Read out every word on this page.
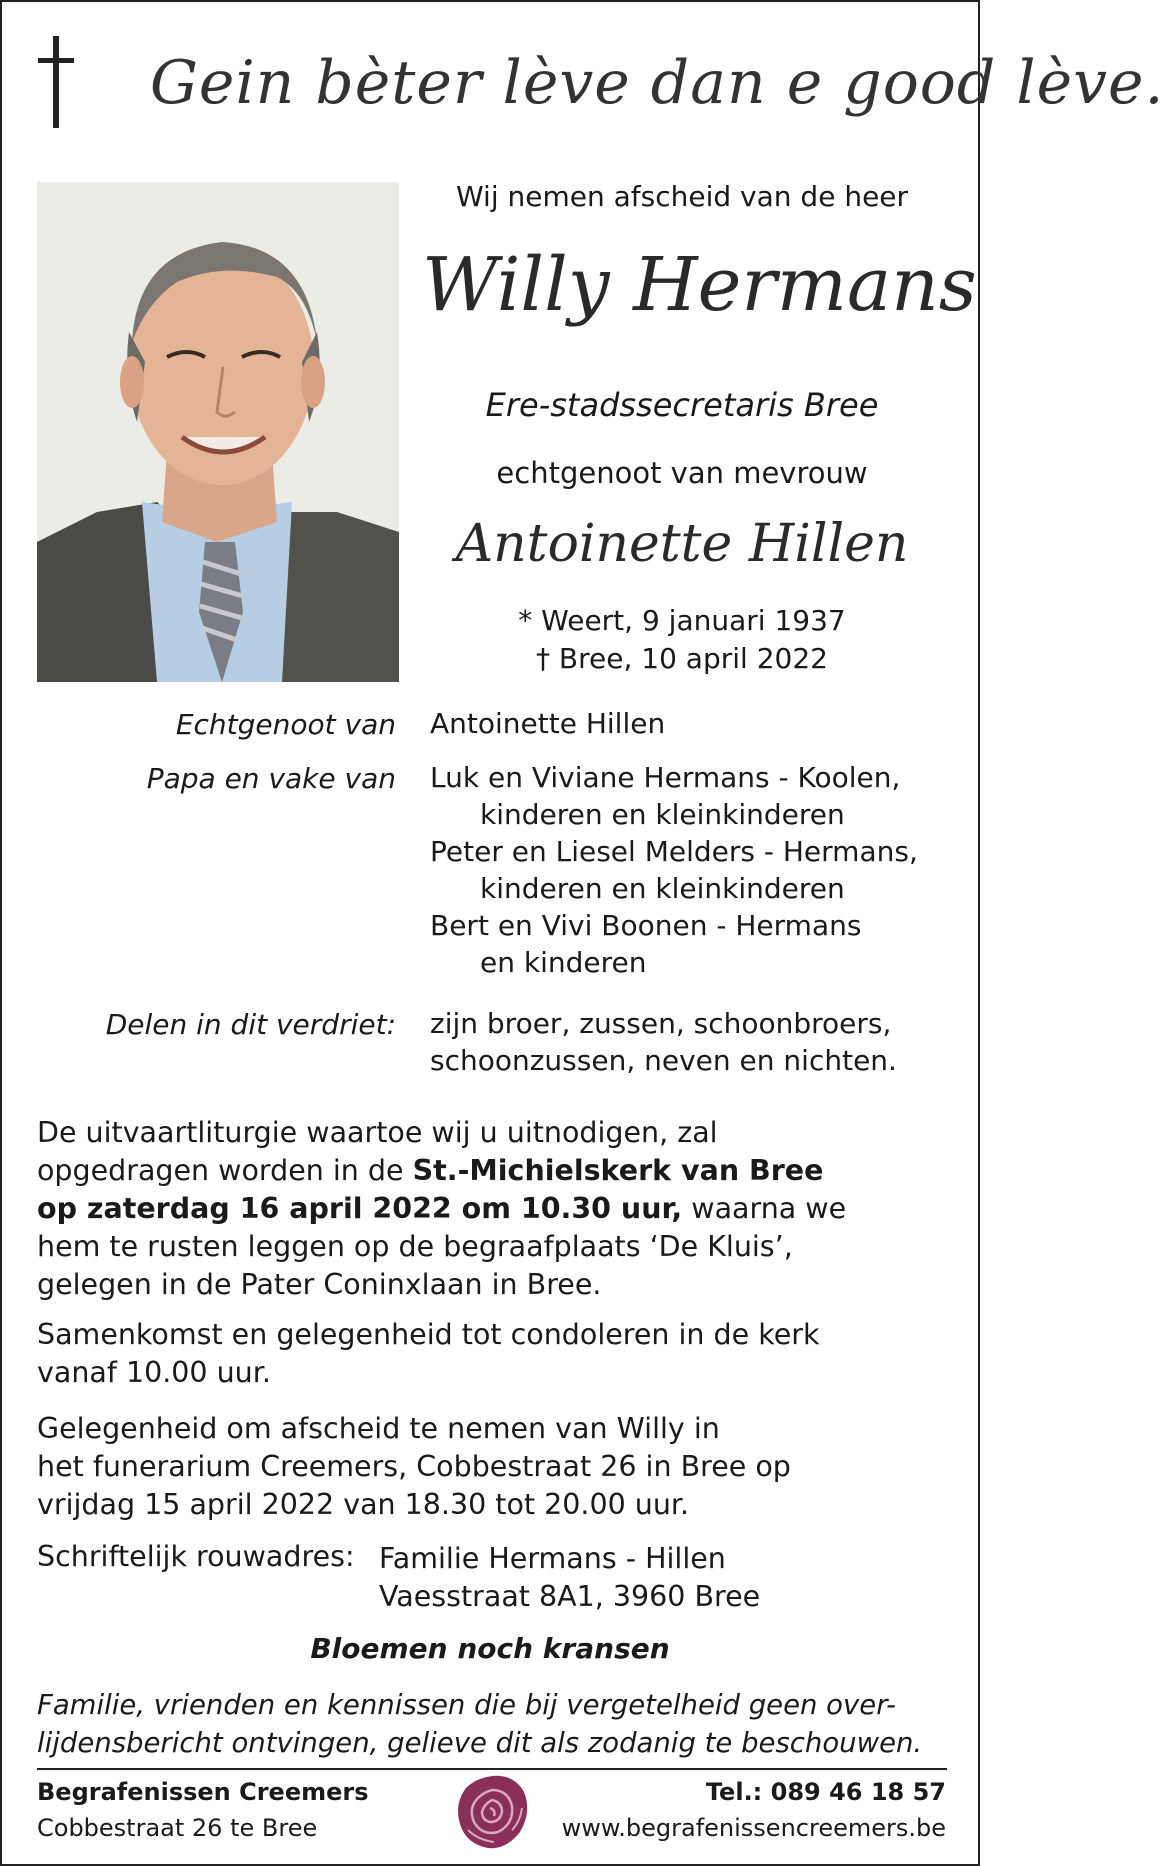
Gein bèter lève dan e good lève.
Wij nemen afscheid van de heer
Willy Hermans
Ere-stadssecretaris Bree
echtgenoot van mevrouw
Antoinette Hillen
* Weert, 9 januari 1937
† Bree, 10 april 2022
Echtgenoot van Antoinette Hillen
Papa en vake van Luk en Viviane Hermans - Koolen,
kinderen en kleinkinderen
Peter en Liesel Melders - Hermans,
kinderen en kleinkinderen
Bert en Vivi Boonen - Hermans
en kinderen
Delen in dit verdriet: zijn broer, zussen, schoonbroers,
schoonzussen, neven en nichten.
De uitvaartliturgie waartoe wij u uitnodigen, zal
opgedragen worden in de St.-Michielskerk van Bree
op zaterdag 16 april 2022 om 10.30 uur, waarna we
hem te rusten leggen op de begraafplaats ‘De Kluis’,
gelegen in de Pater Coninxlaan in Bree.
Samenkomst en gelegenheid tot condoleren in de kerk
vanaf 10.00 uur.
Gelegenheid om afscheid te nemen van Willy in
het funerarium Creemers, Cobbestraat 26 in Bree op
vrijdag 15 april 2022 van 18.30 tot 20.00 uur.
Schriftelijk rouwadres: Familie Hermans - Hillen
Vaesstraat 8A1, 3960 Bree
Bloemen noch kransen
Familie, vrienden en kennissen die bij vergetelheid geen over-
lijdensbericht ontvingen, gelieve dit als zodanig te beschouwen.
Begrafenissen Creemers
Cobbestraat 26 te Bree
Tel.: 089 46 18 57
www.begrafenissencreemers.be
